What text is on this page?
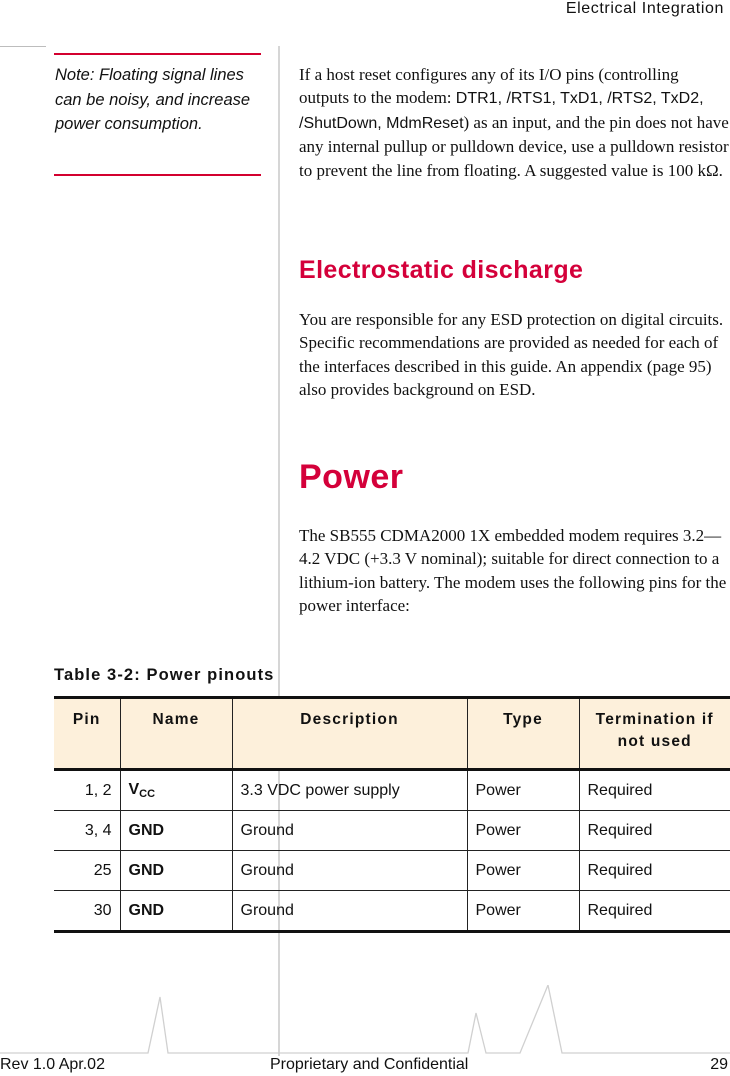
Electrical Integration
Note: Floating signal lines can be noisy, and increase power consumption.
If a host reset configures any of its I/O pins (controlling outputs to the modem: DTR1, /RTS1, TxD1, /RTS2, TxD2, /ShutDown, MdmReset) as an input, and the pin does not have any internal pullup or pulldown device, use a pulldown resistor to prevent the line from floating. A suggested value is 100 kΩ.
Electrostatic discharge
You are responsible for any ESD protection on digital circuits. Specific recommendations are provided as needed for each of the interfaces described in this guide. An appendix (page 95) also provides background on ESD.
Power
The SB555 CDMA2000 1X embedded modem requires 3.2—4.2 VDC (+3.3 V nominal); suitable for direct connection to a lithium-ion battery. The modem uses the following pins for the power interface:
Table 3-2: Power pinouts
Pin	Name	Description	Type	Termination if not used
1, 2	$V_{CC}$	3.3 VDC power supply	Power	Required
3, 4	GND	Ground	Power	Required
25	GND	Ground	Power	Required
30	GND	Ground	Power	Required
Rev 1.0 Apr.02	Proprietary and Confidential	29
